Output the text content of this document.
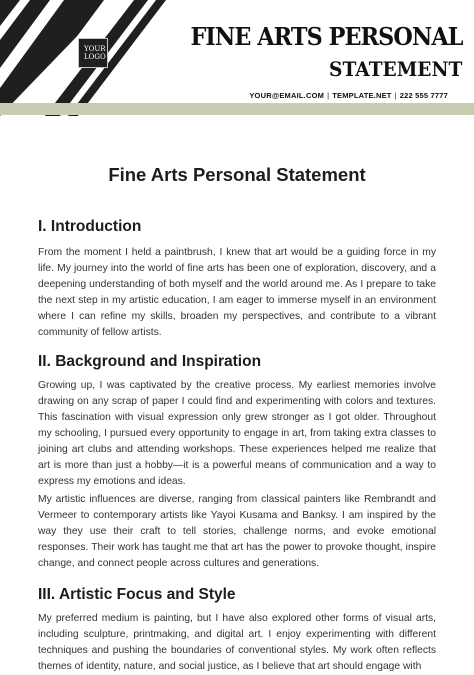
YOUR LOGO
FINE ARTS PERSONAL
STATEMENT
YOUR@EMAIL.COM | TEMPLATE.NET | 222 555 7777
Fine Arts Personal Statement
I. Introduction

From the moment I held a paintbrush, I knew that art would be a guiding force in my life. My journey into the world of fine arts has been one of exploration, discovery, and a deepening understanding of both myself and the world around me. As I prepare to take the next step in my artistic education, I am eager to immerse myself in an environment where I can refine my skills, broaden my perspectives, and contribute to a vibrant community of fellow artists.

II. Background and Inspiration

Growing up, I was captivated by the creative process. My earliest memories involve drawing on any scrap of paper I could find and experimenting with colors and textures. This fascination with visual expression only grew stronger as I got older. Throughout my schooling, I pursued every opportunity to engage in art, from taking extra classes to joining art clubs and attending workshops. These experiences helped me realize that art is more than just a hobby—it is a powerful means of communication and a way to express my emotions and ideas.

My artistic influences are diverse, ranging from classical painters like Rembrandt and Vermeer to contemporary artists like Yayoi Kusama and Banksy. I am inspired by the way they use their craft to tell stories, challenge norms, and evoke emotional responses. Their work has taught me that art has the power to provoke thought, inspire change, and connect people across cultures and generations.

III. Artistic Focus and Style

My preferred medium is painting, but I have also explored other forms of visual arts, including sculpture, printmaking, and digital art. I enjoy experimenting with different techniques and pushing the boundaries of conventional styles. My work often reflects themes of identity, nature, and social justice, as I believe that art should engage with
